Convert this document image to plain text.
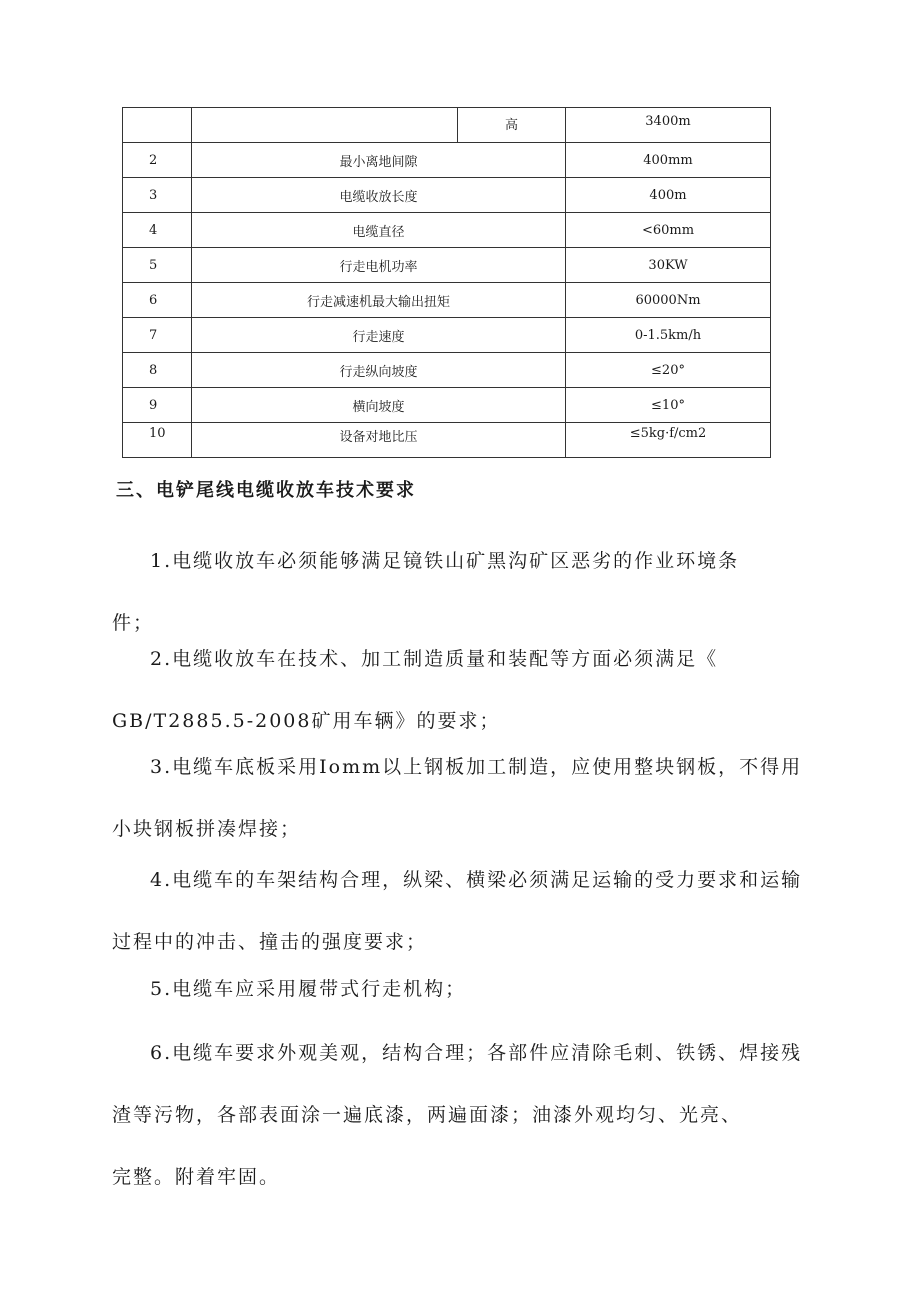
		高	3400m
2	最小离地间隙		400mm
3	电缆收放长度		400m
4	电缆直径		<60mm
5	行走电机功率		30KW
6	行走减速机最大输出扭矩		60000Nm
7	行走速度		0-1.5km/h
8	行走纵向坡度		≤20°
9	横向坡度		≤10°
10	设备对地比压		≤5kg·f/cm2
三、电铲尾线电缆收放车技术要求

1.电缆收放车必须能够满足镜铁山矿黑沟矿区恶劣的作业环境条
件；

2.电缆收放车在技术、加工制造质量和装配等方面必须满足《
GB/T2885.5-2008矿用车辆》的要求；

3.电缆车底板采用Iomm以上钢板加工制造，应使用整块钢板，不得用
小块钢板拼凑焊接；

4.电缆车的车架结构合理，纵梁、横梁必须满足运输的受力要求和运输
过程中的冲击、撞击的强度要求；

5.电缆车应采用履带式行走机构；

6.电缆车要求外观美观，结构合理；各部件应清除毛刺、铁锈、焊接残
渣等污物，各部表面涂一遍底漆，两遍面漆；油漆外观均匀、光亮、
完整。附着牢固。
